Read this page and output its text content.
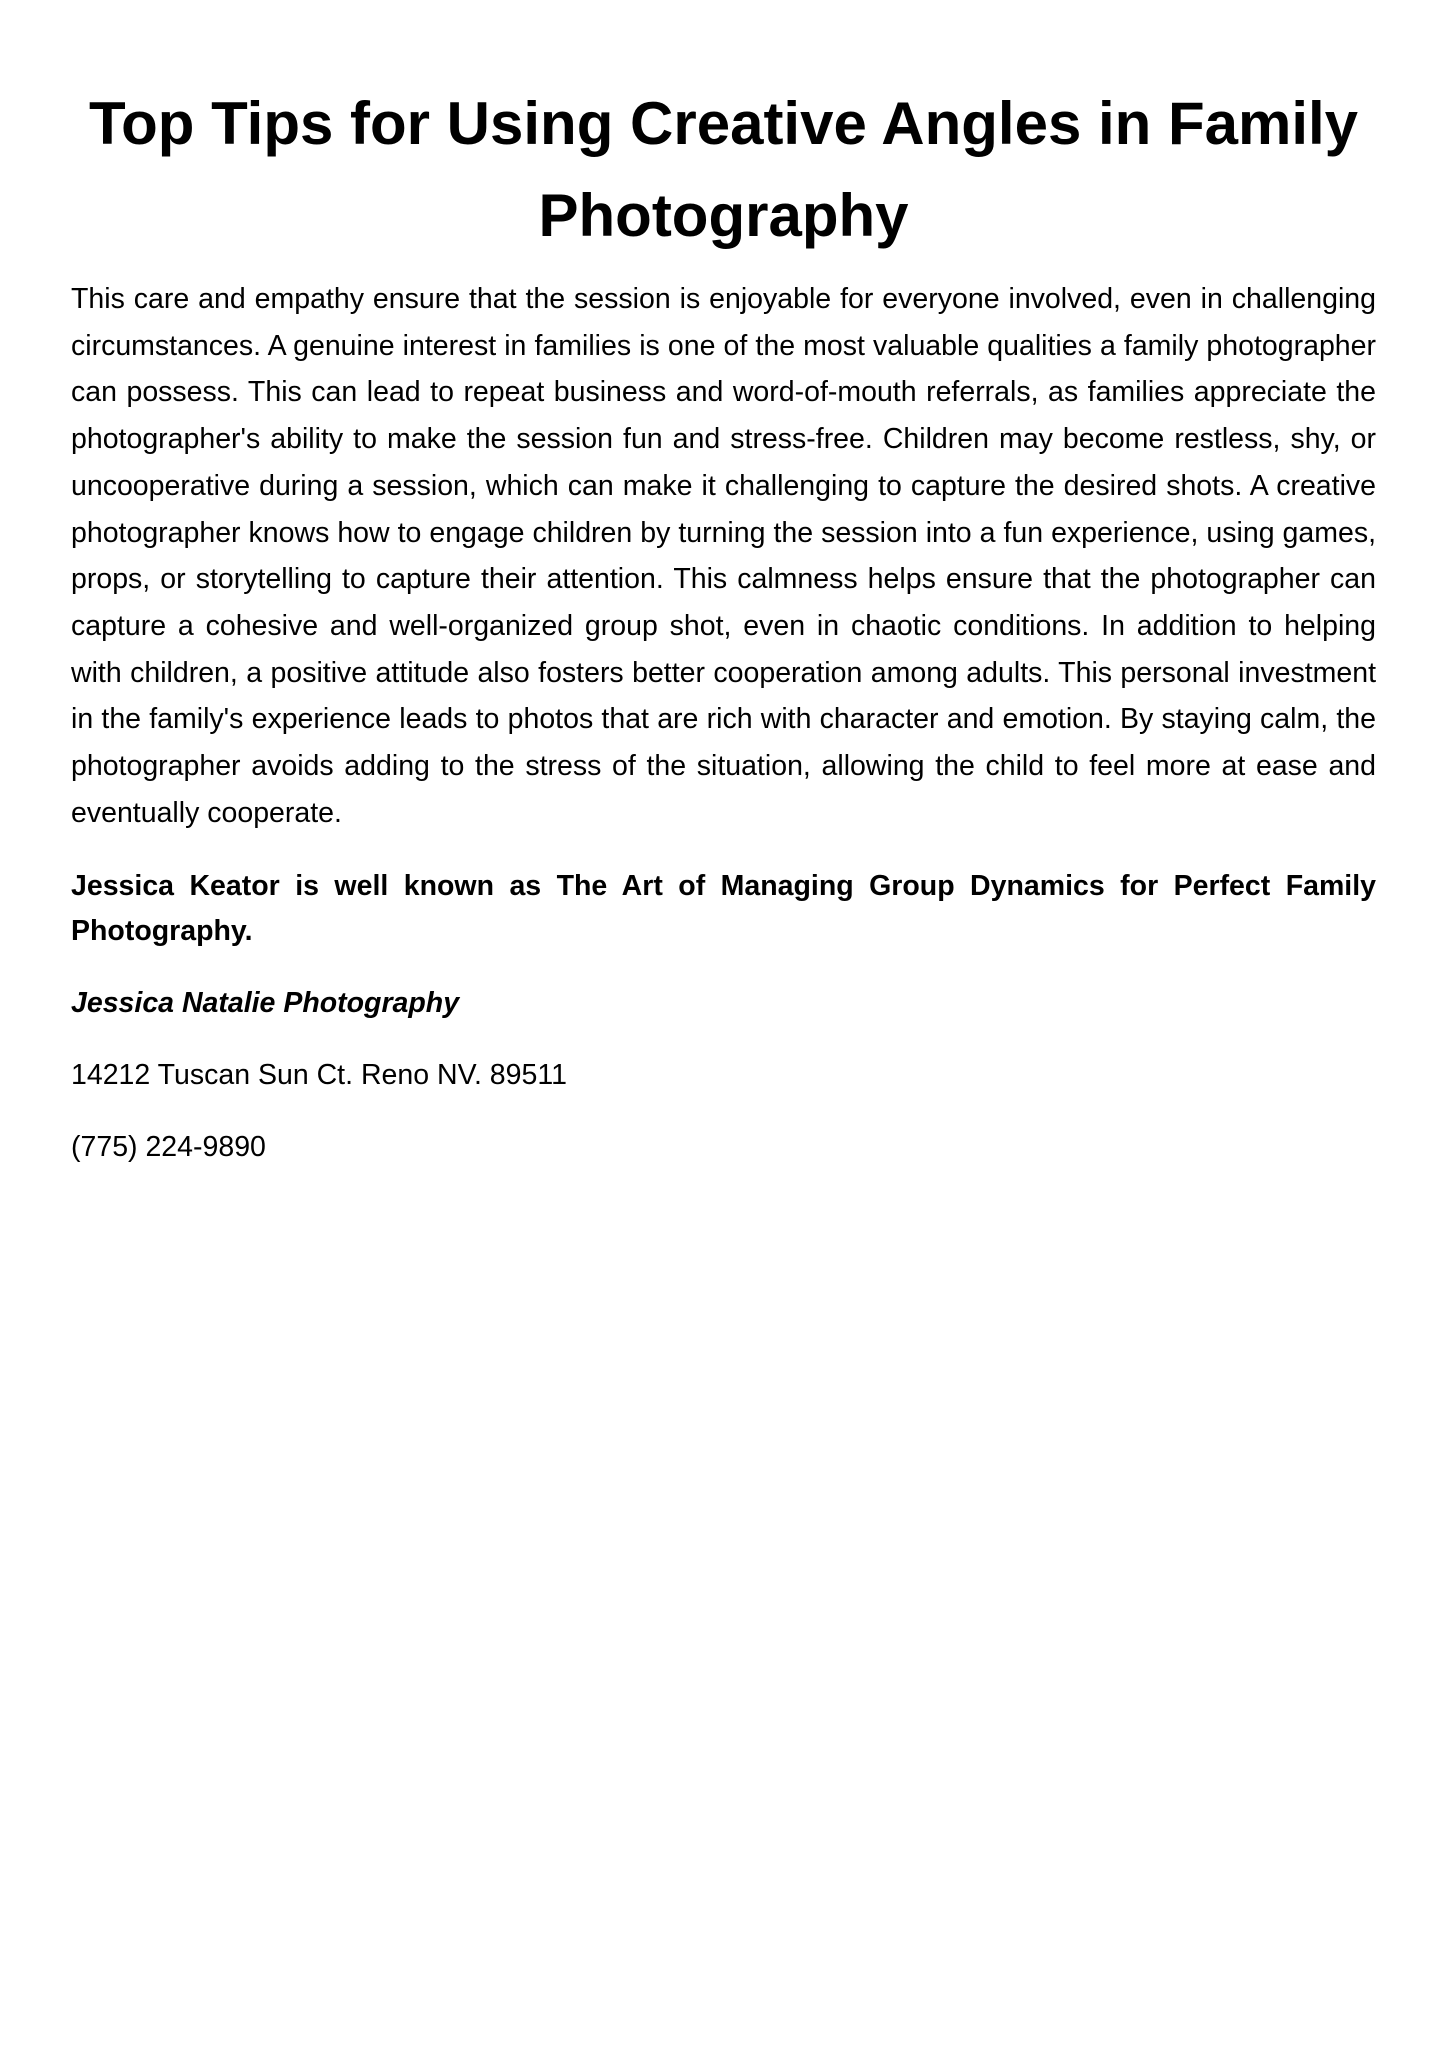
Top Tips for Using Creative Angles in Family Photography

This care and empathy ensure that the session is enjoyable for everyone involved, even in challenging circumstances. A genuine interest in families is one of the most valuable qualities a family photographer can possess. This can lead to repeat business and word-of-mouth referrals, as families appreciate the photographer's ability to make the session fun and stress-free. Children may become restless, shy, or uncooperative during a session, which can make it challenging to capture the desired shots. A creative photographer knows how to engage children by turning the session into a fun experience, using games, props, or storytelling to capture their attention. This calmness helps ensure that the photographer can capture a cohesive and well-organized group shot, even in chaotic conditions. In addition to helping with children, a positive attitude also fosters better cooperation among adults. This personal investment in the family's experience leads to photos that are rich with character and emotion. By staying calm, the photographer avoids adding to the stress of the situation, allowing the child to feel more at ease and eventually cooperate.

Jessica Keator is well known as The Art of Managing Group Dynamics for Perfect Family Photography.

Jessica Natalie Photography

14212 Tuscan Sun Ct. Reno NV. 89511

(775) 224-9890
